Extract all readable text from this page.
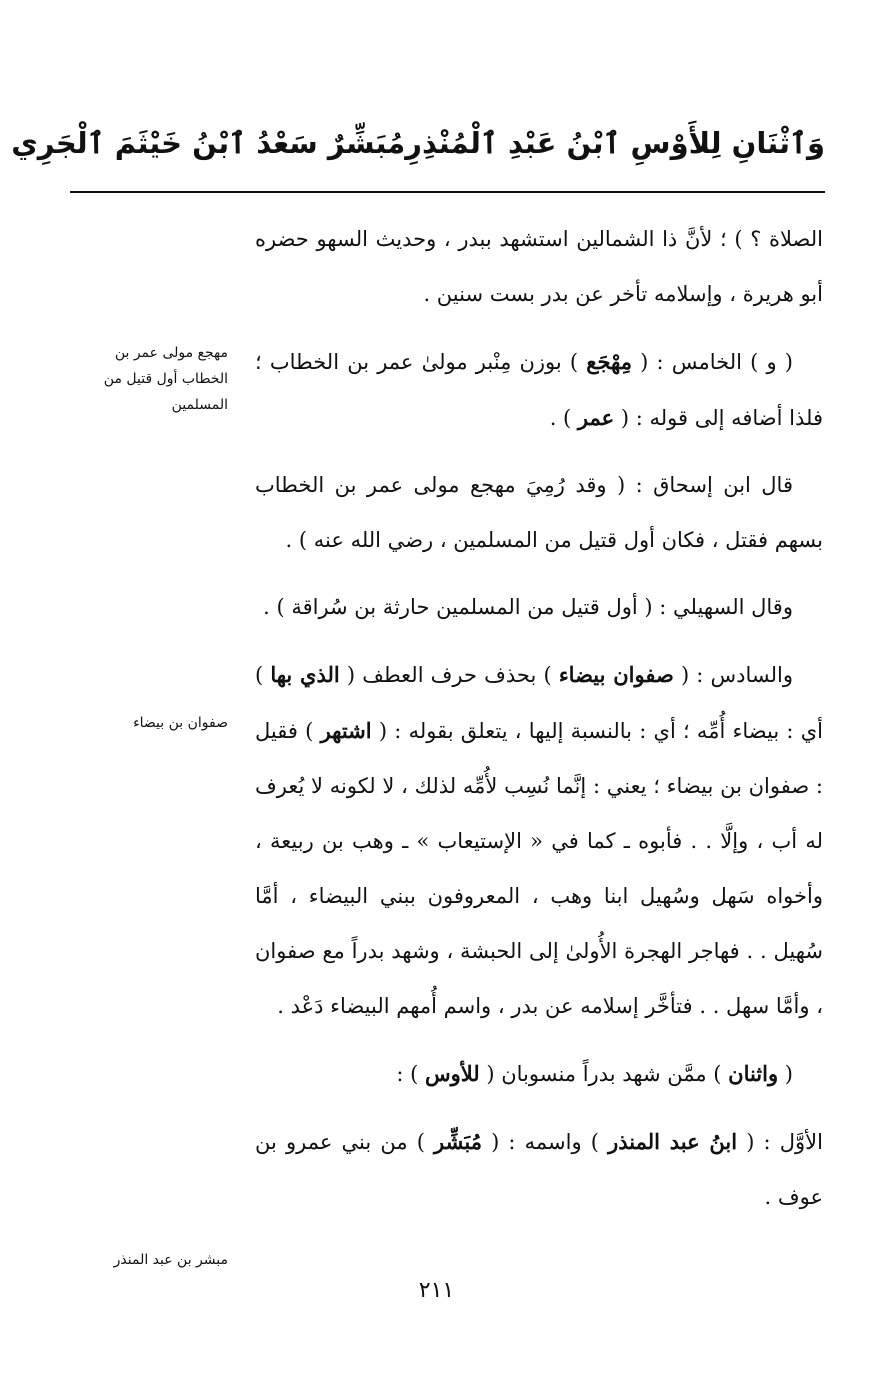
وَٱثْنَانِ لِلأَوْسِ ٱبْنُ عَبْدِ ٱلْمُنْذِرِ
مُبَشِّرٌ سَعْدُ ٱبْنُ خَيْثَمَ ٱلْجَرِي

الصلاة ؟ ) ؛ لأنَّ ذا الشمالين استشهد ببدر ، وحديث السهو حضره أبو هريرة ، وإسلامه تأخر عن بدر بست سنين .

( و ) الخامس : ( مِهْجَع ) بوزن مِنْبر مولىٰ عمر بن الخطاب ؛ فلذا أضافه إلى قوله : ( عمر ) .

قال ابن إسحاق : ( وقد رُمِيَ مهجع مولى عمر بن الخطاب بسهم فقتل ، فكان أول قتيل من المسلمين ، رضي الله عنه ) .

وقال السهيلي : ( أول قتيل من المسلمين حارثة بن سُراقة ) .

والسادس : ( صفوان بيضاء ) بحذف حرف العطف ( الذي بها ) أي : بيضاء أُمِّه ؛ أي : بالنسبة إليها ، يتعلق بقوله : ( اشتهر ) فقيل : صفوان بن بيضاء ؛ يعني : إنَّما نُسِب لأُمِّه لذلك ، لا لكونه لا يُعرف له أب ، وإلَّا . . فأبوه ـ كما في « الإستيعاب » ـ وهب بن ربيعة ، وأخواه سَهل وسُهيل ابنا وهب ، المعروفون ببني البيضاء ، أمَّا سُهيل . . فهاجر الهجرة الأُولىٰ إلى الحبشة ، وشهد بدراً مع صفوان ، وأمَّا سهل . . فتأخَّر إسلامه عن بدر ، واسم أُمهم البيضاء دَعْد .

( واثنان ) ممَّن شهد بدراً منسوبان ( للأوس ) :

الأوَّل : ( ابنُ عبد المنذر ) واسمه : ( مُبَشِّر ) من بني عمرو بن عوف .

مهجع مولى عمر بن الخطاب أول قتيل من المسلمين
صفوان بن بيضاء
مبشر بن عبد المنذر
٢١١
